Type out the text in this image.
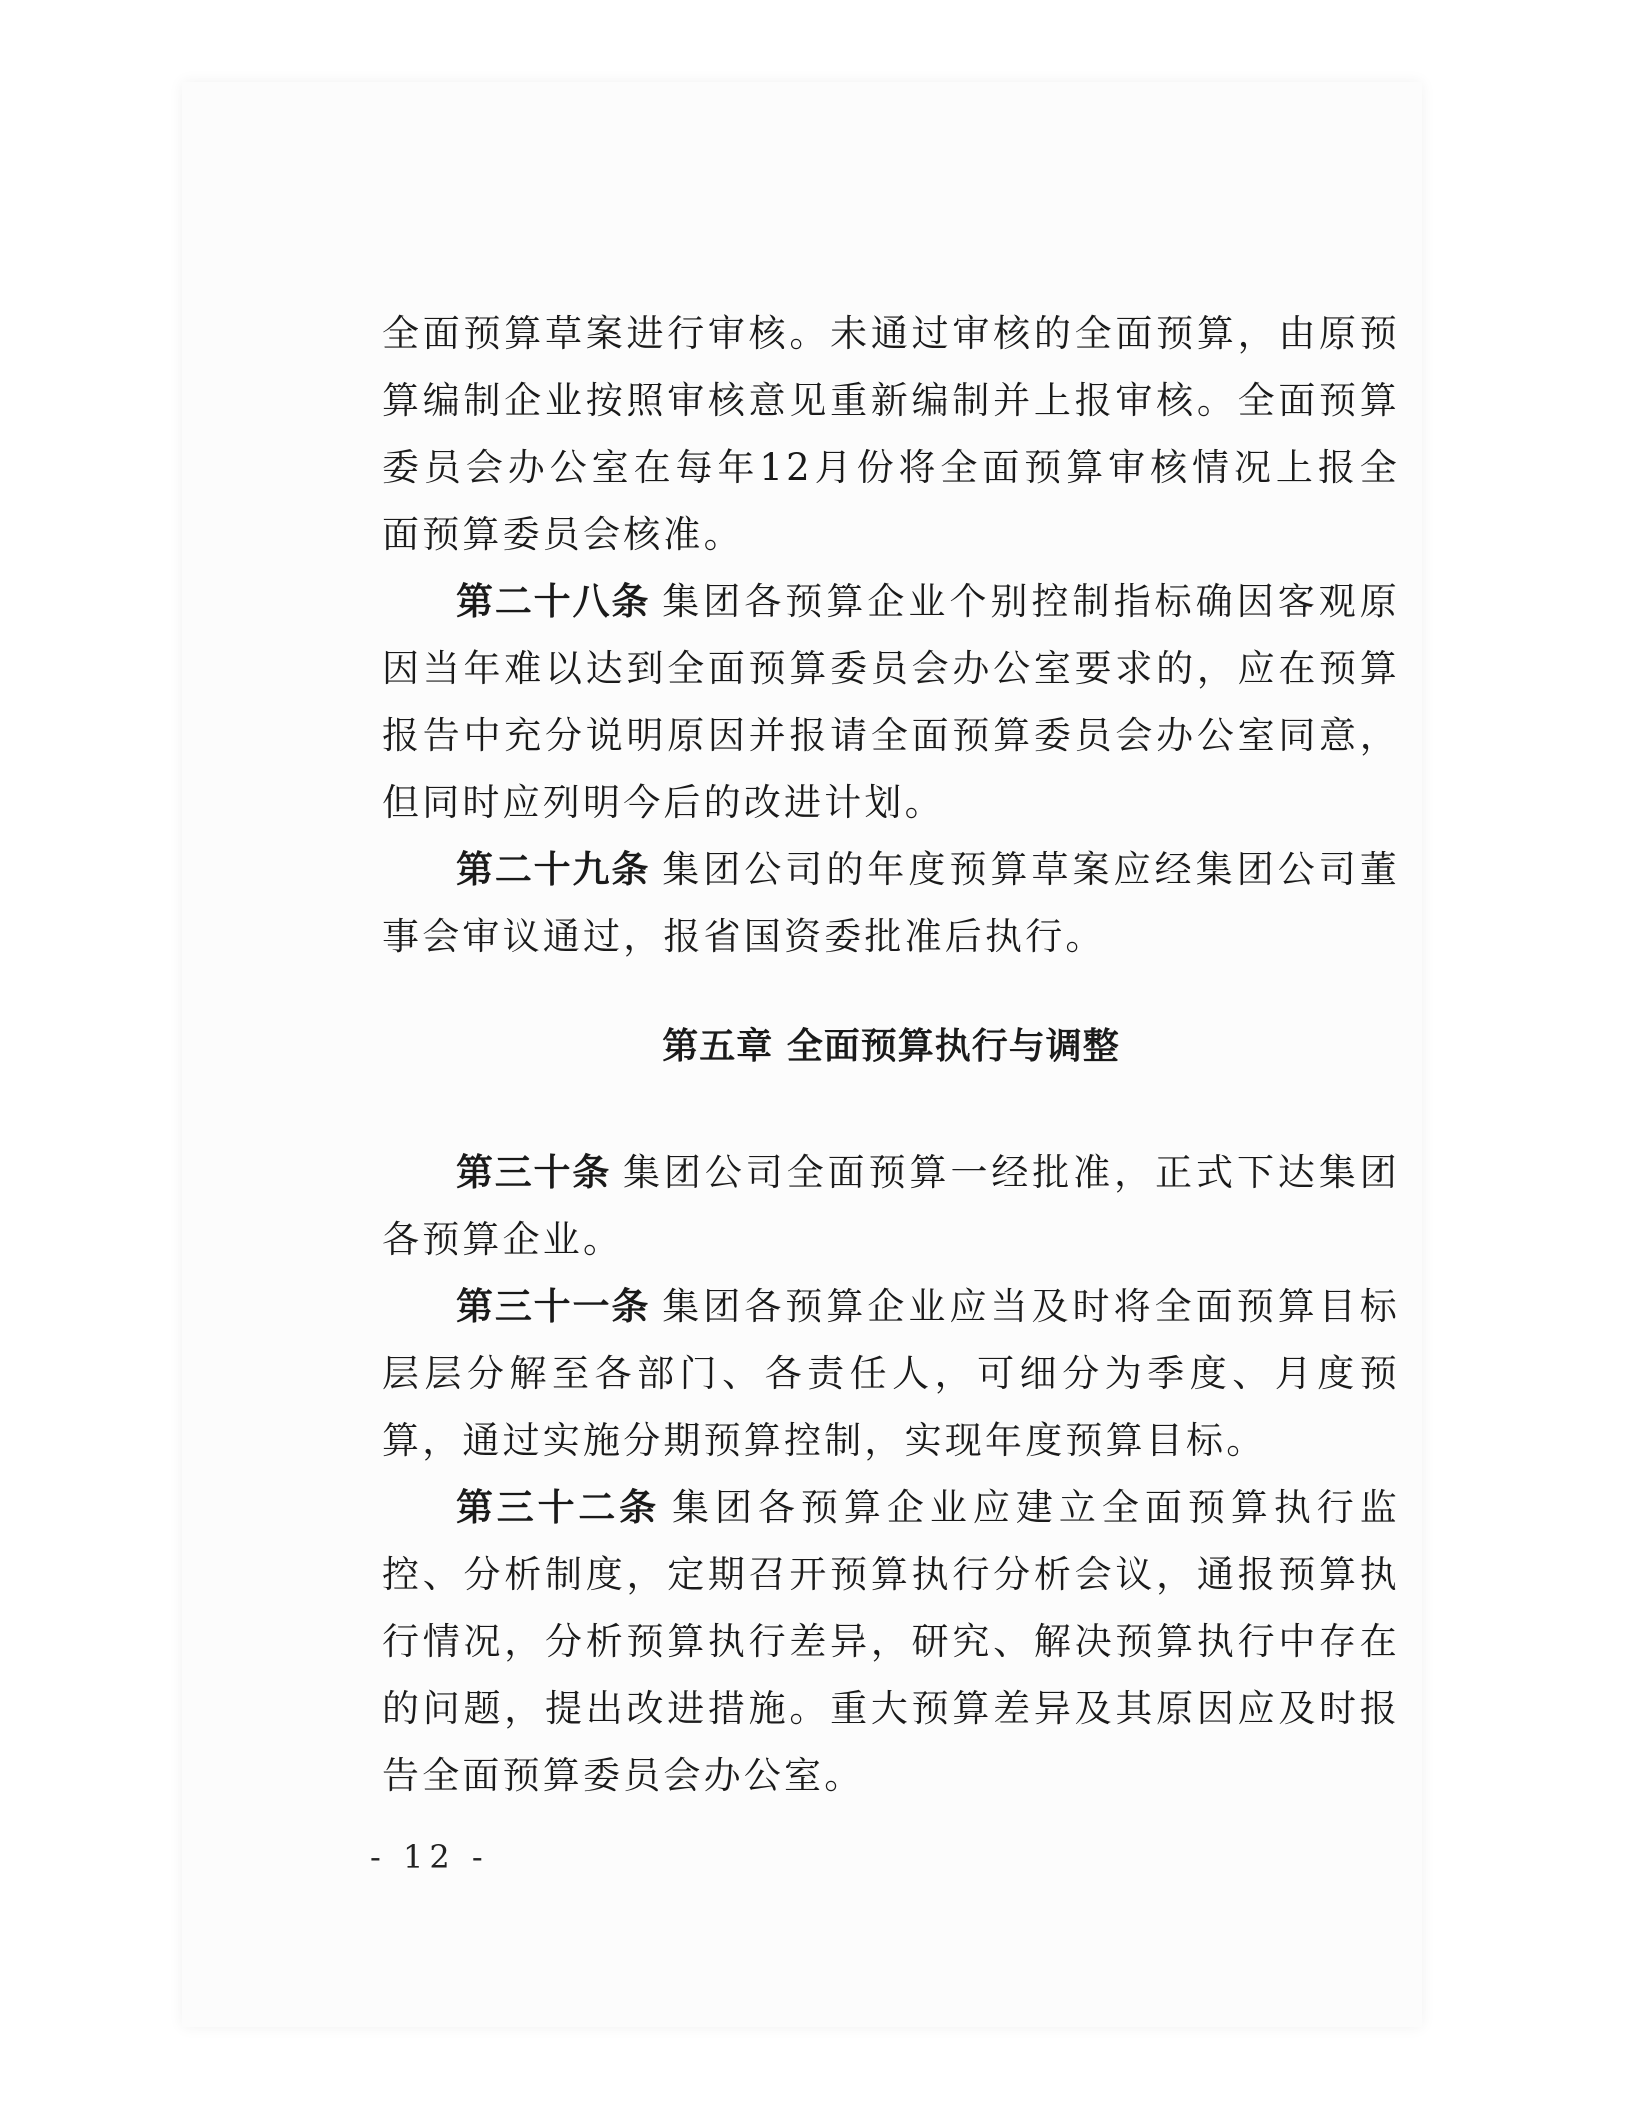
全面预算草案进行审核。未通过审核的全面预算，由原预算编制企业按照审核意见重新编制并上报审核。全面预算委员会办公室在每年12月份将全面预算审核情况上报全面预算委员会核准。

第二十八条 集团各预算企业个别控制指标确因客观原因当年难以达到全面预算委员会办公室要求的，应在预算报告中充分说明原因并报请全面预算委员会办公室同意，但同时应列明今后的改进计划。

第二十九条 集团公司的年度预算草案应经集团公司董事会审议通过，报省国资委批准后执行。

第五章 全面预算执行与调整

第三十条 集团公司全面预算一经批准，正式下达集团各预算企业。

第三十一条 集团各预算企业应当及时将全面预算目标层层分解至各部门、各责任人，可细分为季度、月度预算，通过实施分期预算控制，实现年度预算目标。

第三十二条 集团各预算企业应建立全面预算执行监控、分析制度，定期召开预算执行分析会议，通报预算执行情况，分析预算执行差异，研究、解决预算执行中存在的问题，提出改进措施。重大预算差异及其原因应及时报告全面预算委员会办公室。

- 12 -
